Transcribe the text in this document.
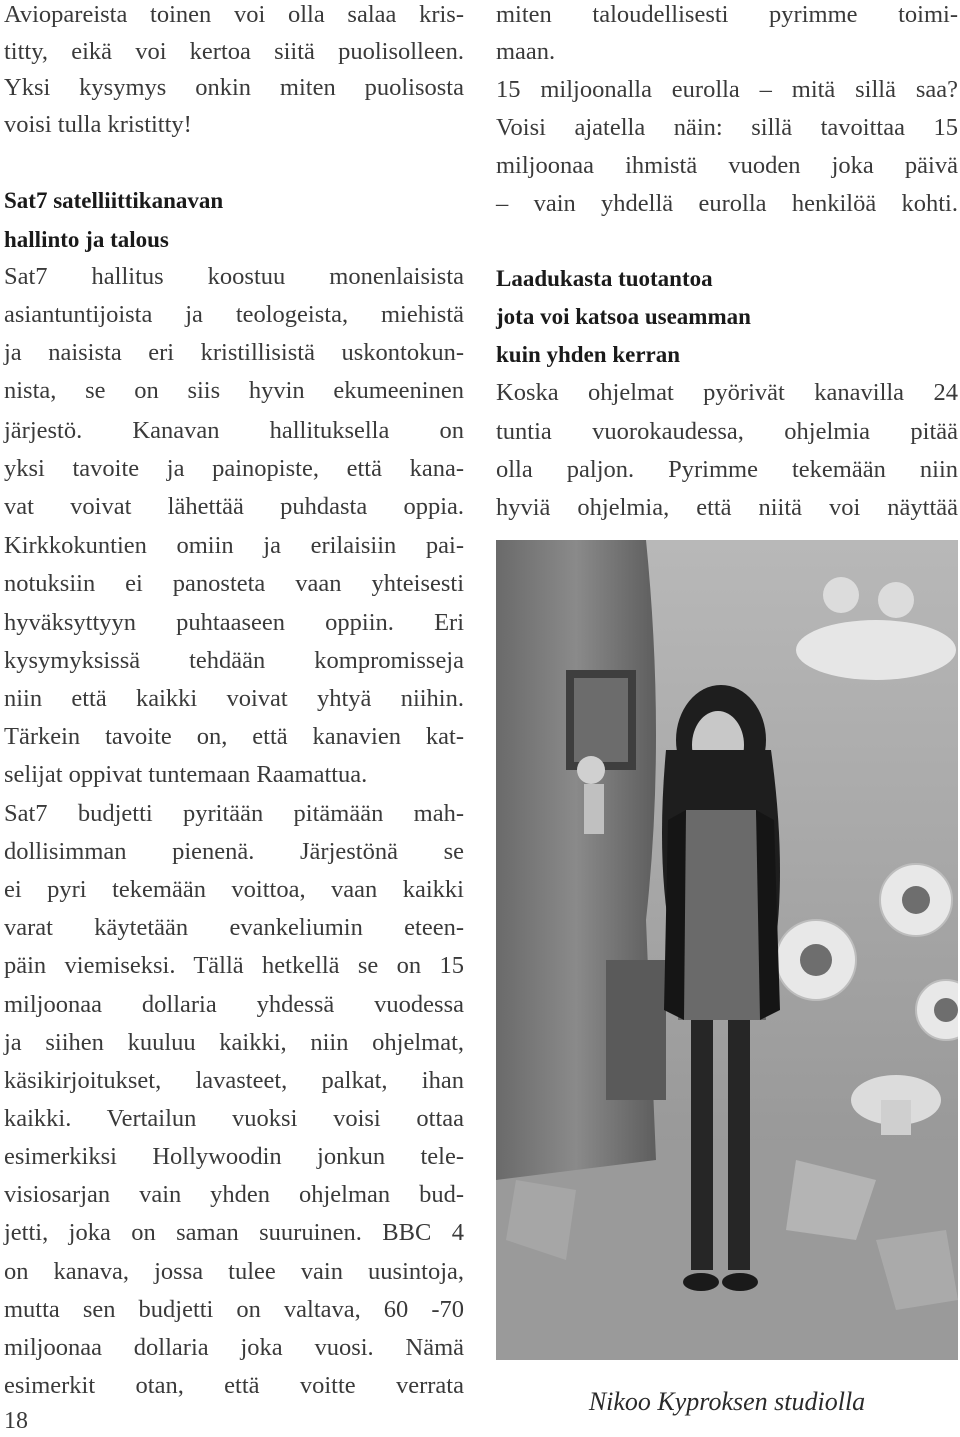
Aviopareista toinen voi olla salaa kris-
titty, eikä voi kertoa siitä puolisolleen.
Yksi kysymys onkin miten puolisosta
voisi tulla kristitty!
Sat7 satelliittikanavan
hallinto ja talous
Sat7 hallitus koostuu monenlaisista
asiantuntijoista ja teologeista, miehistä
ja naisista eri kristillisistä uskontokun-
nista, se on siis hyvin ekumeeninen
järjestö. Kanavan hallituksella on
yksi tavoite ja painopiste, että kana-
vat voivat lähettää puhdasta oppia.
Kirkkokuntien omiin ja erilaisiin pai-
notuksiin ei panosteta vaan yhteisesti
hyväksyttyyn puhtaaseen oppiin. Eri
kysymyksissä tehdään kompromisseja
niin että kaikki voivat yhtyä niihin.
Tärkein tavoite on, että kanavien kat-
selijat oppivat tuntemaan Raamattua.
Sat7 budjetti pyritään pitämään mah-
dollisimman pienenä. Järjestönä se
ei pyri tekemään voittoa, vaan kaikki
varat käytetään evankeliumin eteen-
päin viemiseksi. Tällä hetkellä se on 15
miljoonaa dollaria yhdessä vuodessa
ja siihen kuuluu kaikki, niin ohjelmat,
käsikirjoitukset, lavasteet, palkat, ihan
kaikki. Vertailun vuoksi voisi ottaa
esimerkiksi Hollywoodin jonkun tele-
visiosarjan vain yhden ohjelman bud-
jetti, joka on saman suuruinen. BBC 4
on kanava, jossa tulee vain uusintoja,
mutta sen budjetti on valtava, 60 -70
miljoonaa dollaria joka vuosi. Nämä
esimerkit otan, että voitte verrata
miten taloudellisesti pyrimme toimi-
maan.
15 miljoonalla eurolla – mitä sillä saa?
Voisi ajatella näin: sillä tavoittaa 15
miljoonaa ihmistä vuoden joka päivä
– vain yhdellä eurolla henkilöä kohti.
Laadukasta tuotantoa
jota voi katsoa useamman
kuin yhden kerran
Koska ohjelmat pyörivät kanavilla 24
tuntia vuorokaudessa, ohjelmia pitää
olla paljon. Pyrimme tekemään niin
hyviä ohjelmia, että niitä voi näyttää
Nikoo Kyproksen studiolla
18
